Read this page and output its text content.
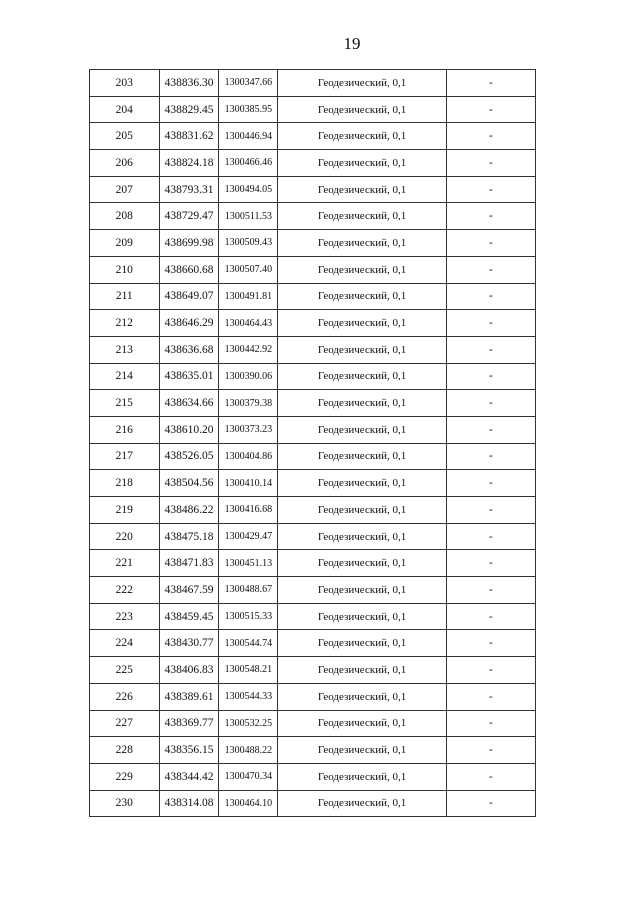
19
203	438836.30	1300347.66	Геодезический, 0,1	-
204	438829.45	1300385.95	Геодезический, 0,1	-
205	438831.62	1300446.94	Геодезический, 0,1	-
206	438824.18	1300466.46	Геодезический, 0,1	-
207	438793.31	1300494.05	Геодезический, 0,1	-
208	438729.47	1300511.53	Геодезический, 0,1	-
209	438699.98	1300509.43	Геодезический, 0,1	-
210	438660.68	1300507.40	Геодезический, 0,1	-
211	438649.07	1300491.81	Геодезический, 0,1	-
212	438646.29	1300464.43	Геодезический, 0,1	-
213	438636.68	1300442.92	Геодезический, 0,1	-
214	438635.01	1300390.06	Геодезический, 0,1	-
215	438634.66	1300379.38	Геодезический, 0,1	-
216	438610.20	1300373.23	Геодезический, 0,1	-
217	438526.05	1300404.86	Геодезический, 0,1	-
218	438504.56	1300410.14	Геодезический, 0,1	-
219	438486.22	1300416.68	Геодезический, 0,1	-
220	438475.18	1300429.47	Геодезический, 0,1	-
221	438471.83	1300451.13	Геодезический, 0,1	-
222	438467.59	1300488.67	Геодезический, 0,1	-
223	438459.45	1300515.33	Геодезический, 0,1	-
224	438430.77	1300544.74	Геодезический, 0,1	-
225	438406.83	1300548.21	Геодезический, 0,1	-
226	438389.61	1300544.33	Геодезический, 0,1	-
227	438369.77	1300532.25	Геодезический, 0,1	-
228	438356.15	1300488.22	Геодезический, 0,1	-
229	438344.42	1300470.34	Геодезический, 0,1	-
230	438314.08	1300464.10	Геодезический, 0,1	-
